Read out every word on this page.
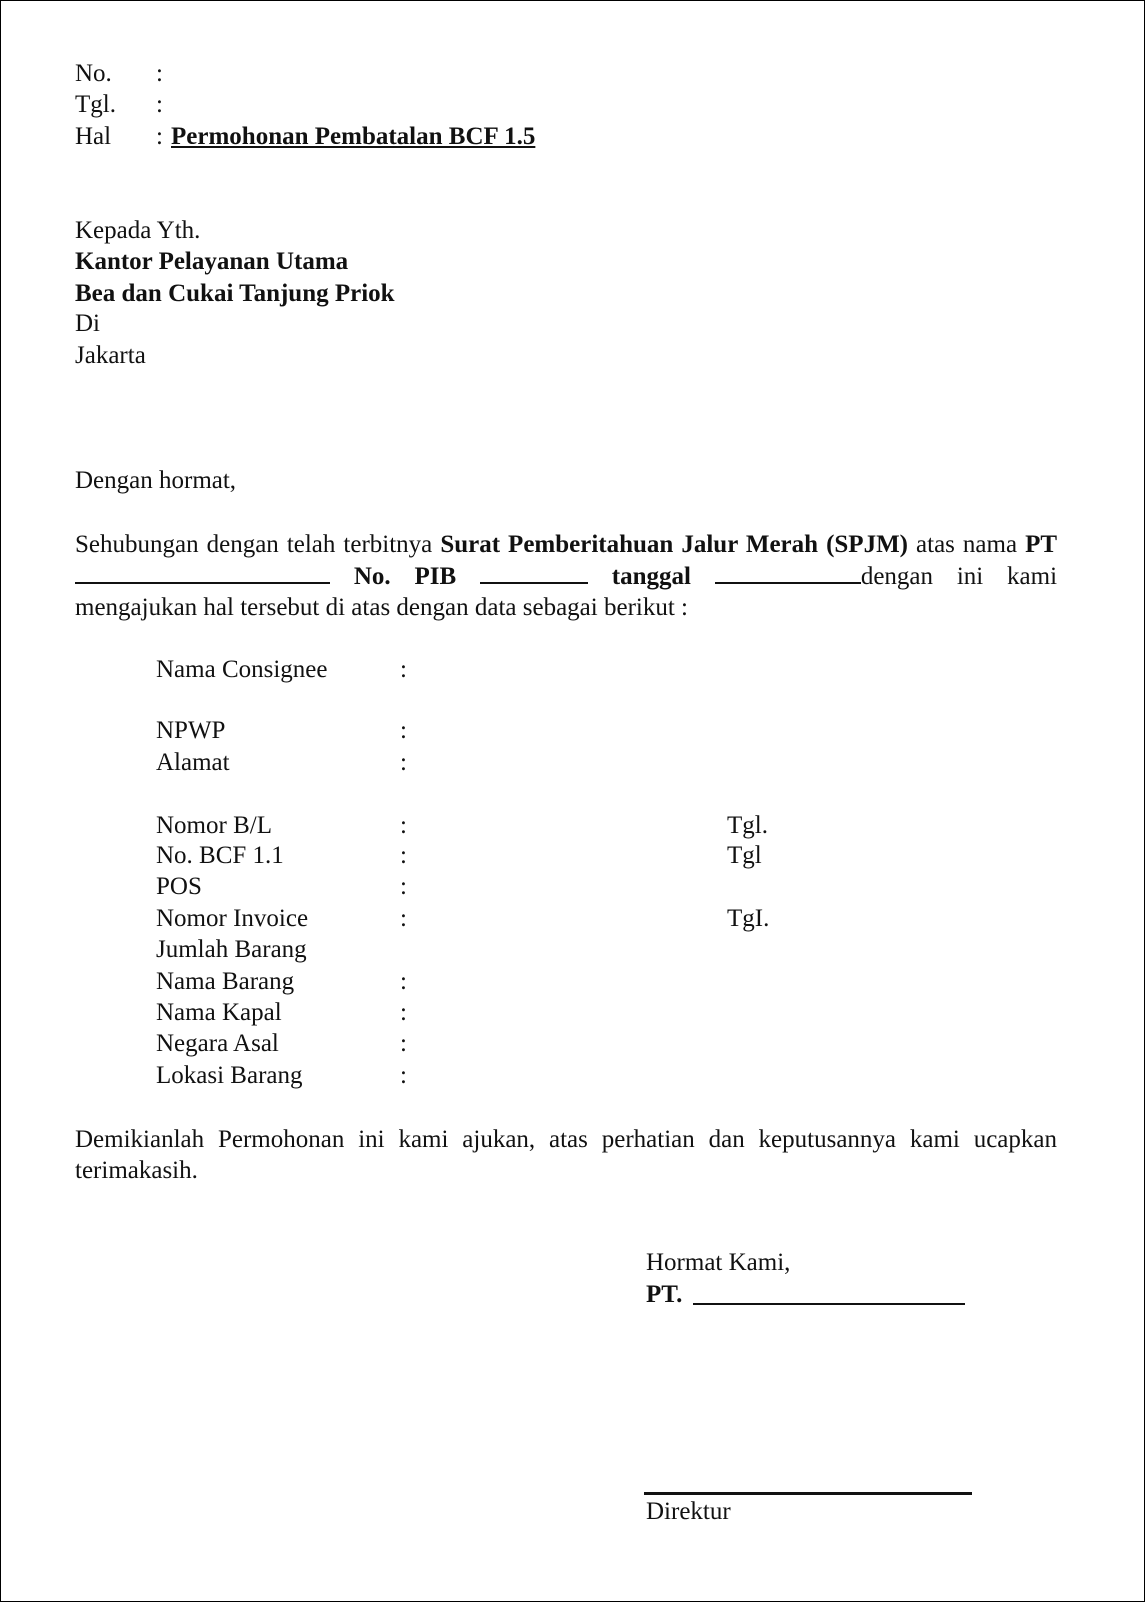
No. :
Tgl. :
Hal : Permohonan Pembatalan BCF 1.5
Kepada Yth.
Kantor Pelayanan Utama
Bea dan Cukai Tanjung Priok
Di
Jakarta
Dengan hormat,
Sehubungan dengan telah terbitnya Surat Pemberitahuan Jalur Merah (SPJM) atas nama PT  No. PIB	tanggal	dengan ini kami mengajukan hal tersebut di atas dengan data sebagai berikut :
Nama Consignee	:
NPWP	:
Alamat	:
Nomor B/L	:	Tgl.
No. BCF 1.1	:	Tgl
POS	:
Nomor Invoice	:	TgI.
Jumlah Barang
Nama Barang	:
Nama Kapal	:
Negara Asal	:
Lokasi Barang	:
Demikianlah Permohonan ini kami ajukan, atas perhatian dan keputusannya kami ucapkan terimakasih.
Hormat Kami,
PT.
Direktur
